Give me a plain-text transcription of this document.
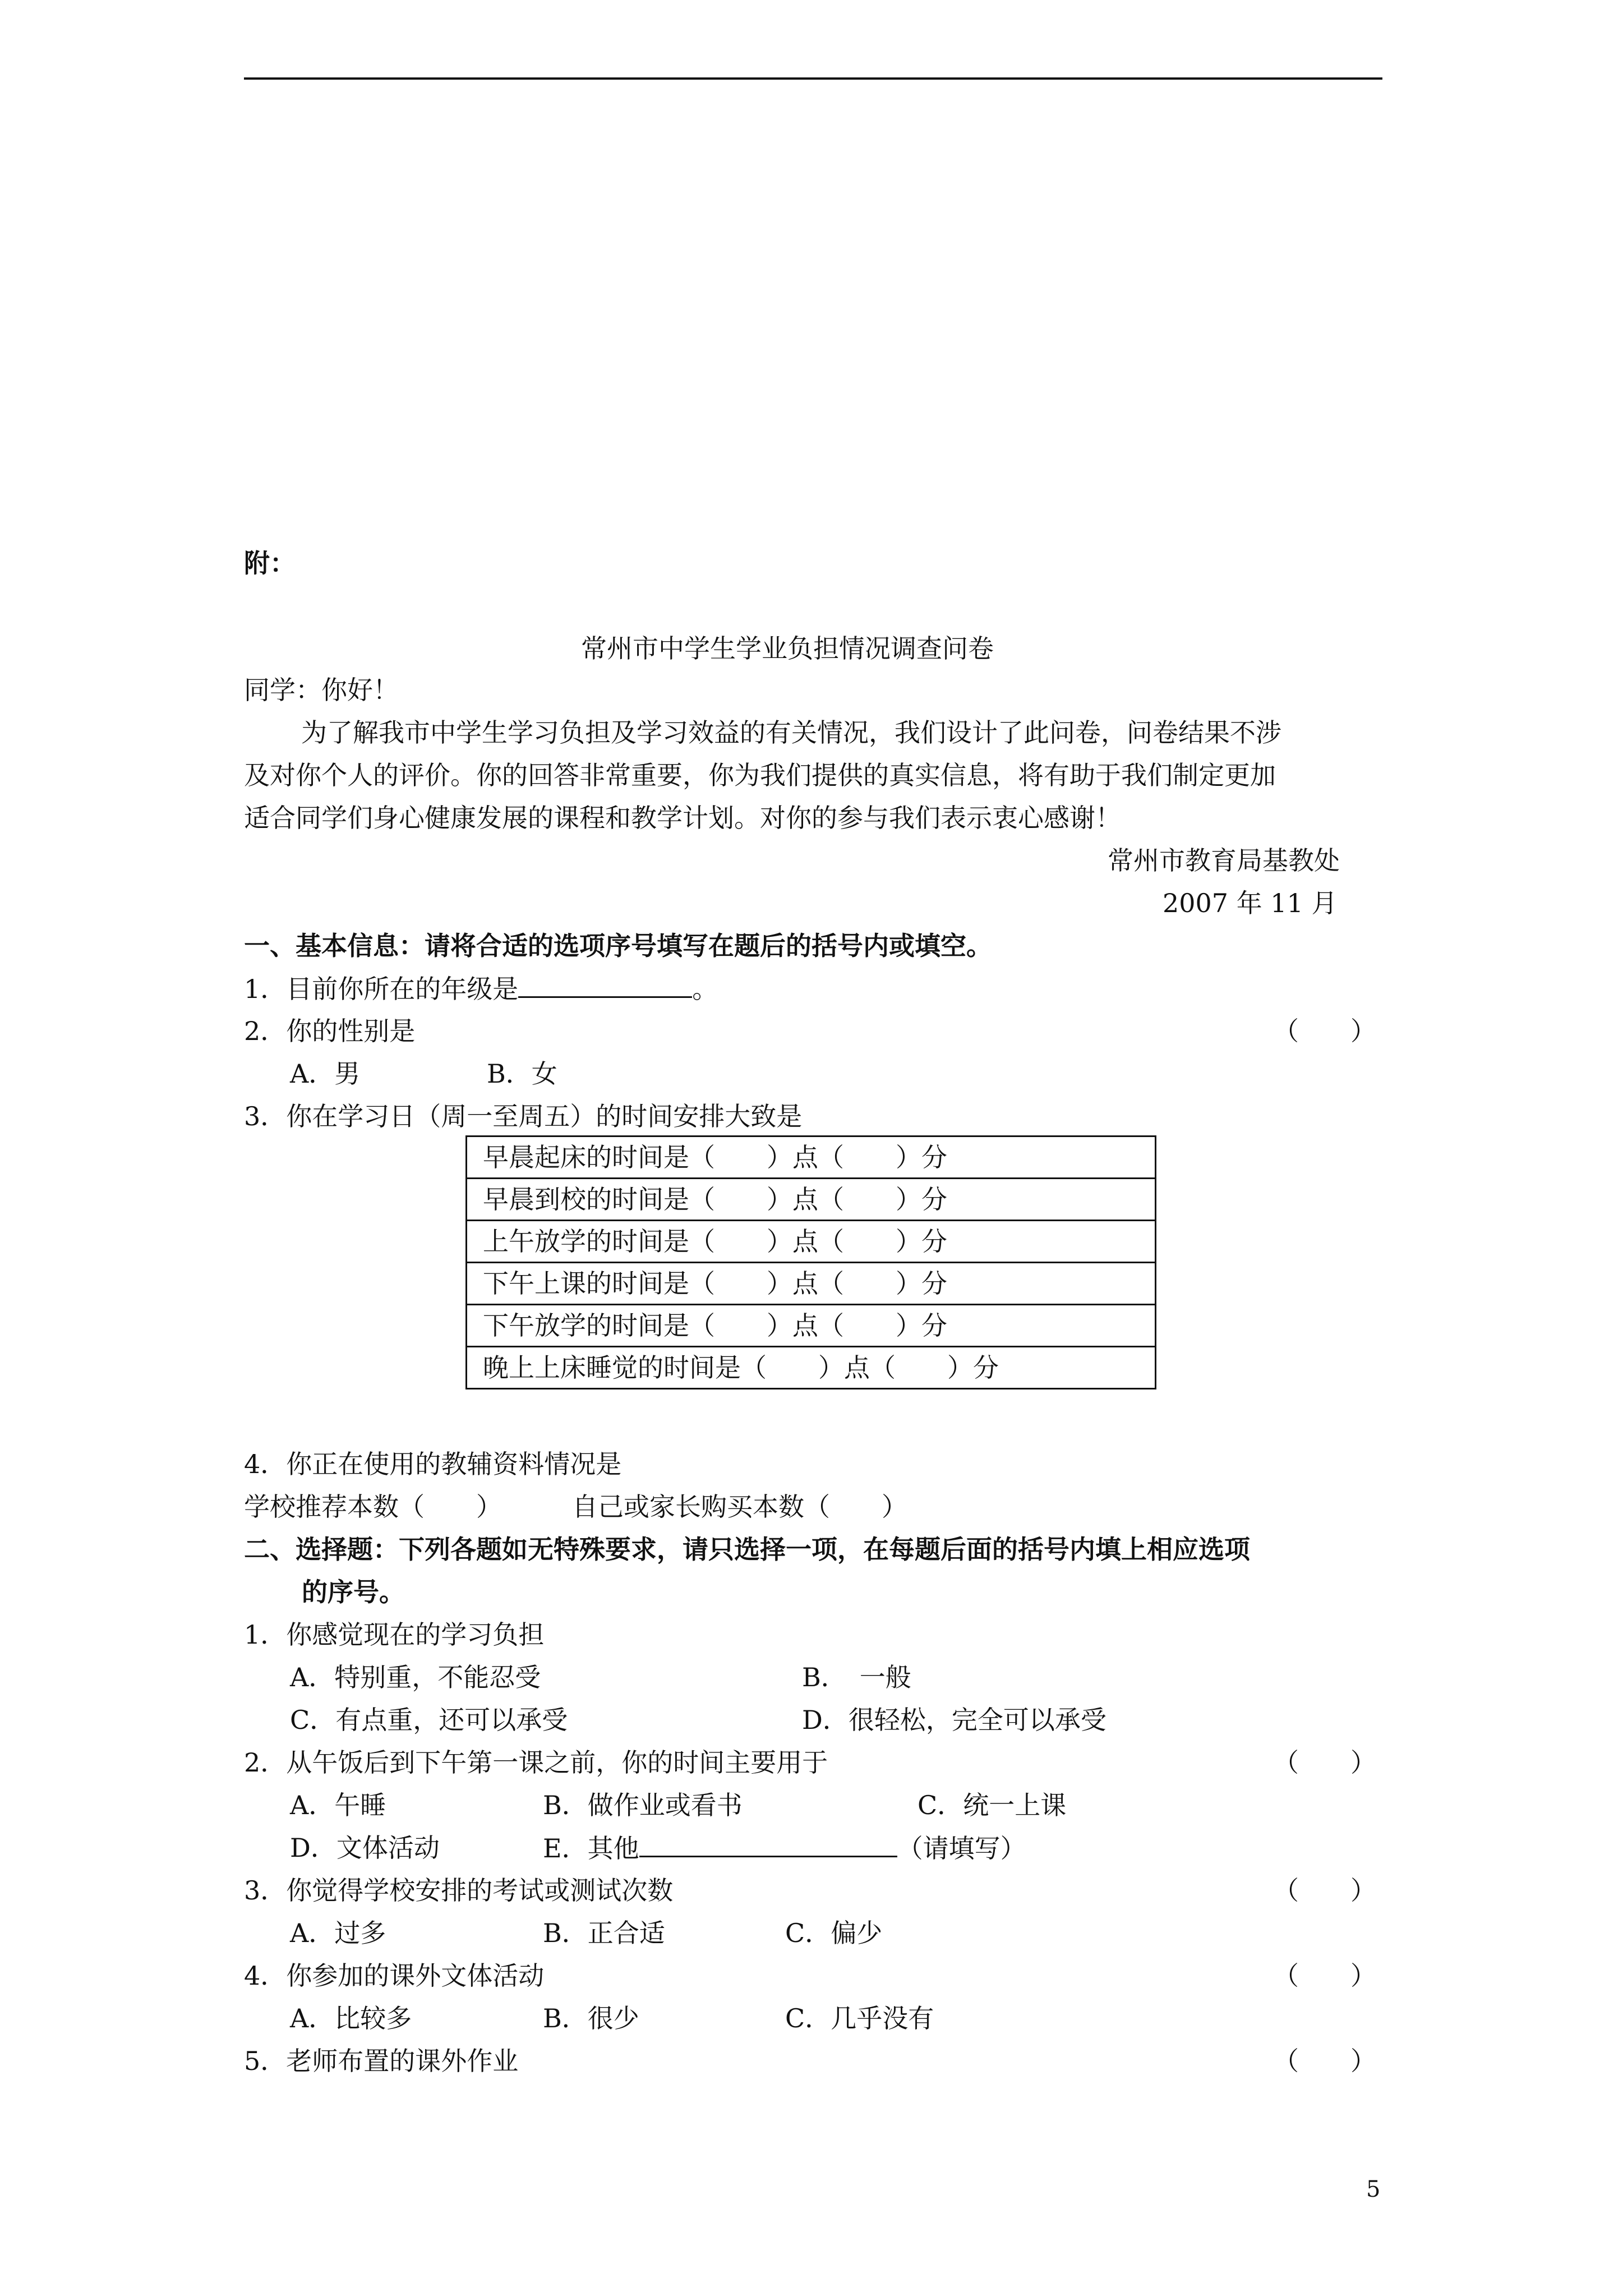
附：
常州市中学生学业负担情况调查问卷
同学：你好！
为了解我市中学生学习负担及学习效益的有关情况，我们设计了此问卷，问卷结果不涉
及对你个人的评价。你的回答非常重要，你为我们提供的真实信息，将有助于我们制定更加
适合同学们身心健康发展的课程和教学计划。对你的参与我们表示衷心感谢！
常州市教育局基教处
2007 年 11 月
一、基本信息：请将合适的选项序号填写在题后的括号内或填空。
1．目前你所在的年级是	。
2．你的性别是	（　　）
A．男	B．女
3．你在学习日（周一至周五）的时间安排大致是
早晨起床的时间是（　　）点（　　）分
早晨到校的时间是（　　）点（　　）分
上午放学的时间是（　　）点（　　）分
下午上课的时间是（　　）点（　　）分
下午放学的时间是（　　）点（　　）分
晚上上床睡觉的时间是（　　）点（　　）分
4．你正在使用的教辅资料情况是
学校推荐本数（　　）	自己或家长购买本数（　　）
二、选择题：下列各题如无特殊要求，请只选择一项，在每题后面的括号内填上相应选项
的序号。
1．你感觉现在的学习负担
A．特别重，不能忍受	B．　一般
C．有点重，还可以承受	D．很轻松，完全可以承受
2．从午饭后到下午第一课之前，你的时间主要用于	（　　）
A．午睡	B．做作业或看书	C．统一上课
D．文体活动	E．其他	（请填写）
3．你觉得学校安排的考试或测试次数	（　　）
A．过多	B．正合适	C．偏少
4．你参加的课外文体活动	（　　）
A．比较多	B．很少	C．几乎没有
5．老师布置的课外作业	（　　）
5
